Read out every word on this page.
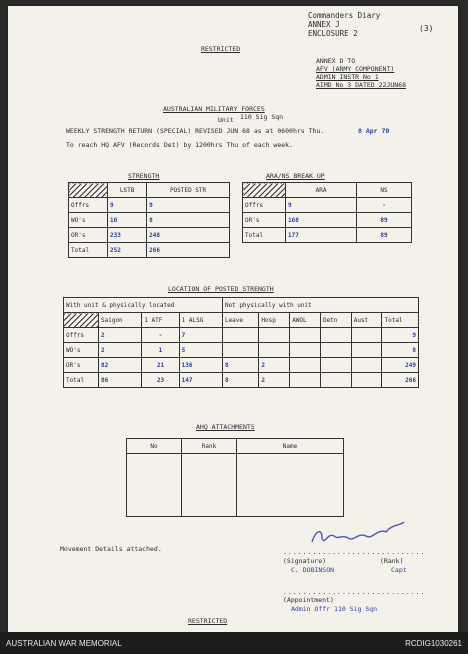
Commanders Diary
ANNEX J
ENCLOSURE 2
(3)
RESTRICTED
ANNEX D TO
AFV (ARMY COMPONENT)
ADMIN INSTR No 1
AIMD No 3 DATED 22JUN68
AUSTRALIAN MILITARY FORCES
Unit 110 Sig Sqn
WEEKLY STRENGTH RETURN (SPECIAL) REVISED JUN 68 as at 0600hrs Thu.	8 Apr 70
To reach HQ AFV (Records Det) by 1200hrs Thu of each week.
STRENGTH
	LSTB	POSTED STR
Offrs	9	9
WO's	10	8
OR's	233	248
Total	252	266
ARA/NS BREAK UP
	ARA	NS
Offrs	9	-
OR's	168	89
Total	177	89
LOCATION OF POSTED STRENGTH
With unit & physically located				Not physically with unit					
	Saigon	1 ATF	1 ALSG	Leave	Hosp	AWOL	Detn	Aust	Total
Offrs	2	-	7						9
WO's	2	1	5						8
OR's	82	21	136	8	2				249
Total	86	23	147	8	2				266
AHQ ATTACHMENTS
No	Rank	Name

Movement Details attached.	.............................
(Signature)	(Rank)
C. DOBINSON	Capt
.............................
(Appointment)
Admin Offr 110 Sig Sqn
RESTRICTED
AUSTRALIAN WAR MEMORIAL	RCDIG1030261
